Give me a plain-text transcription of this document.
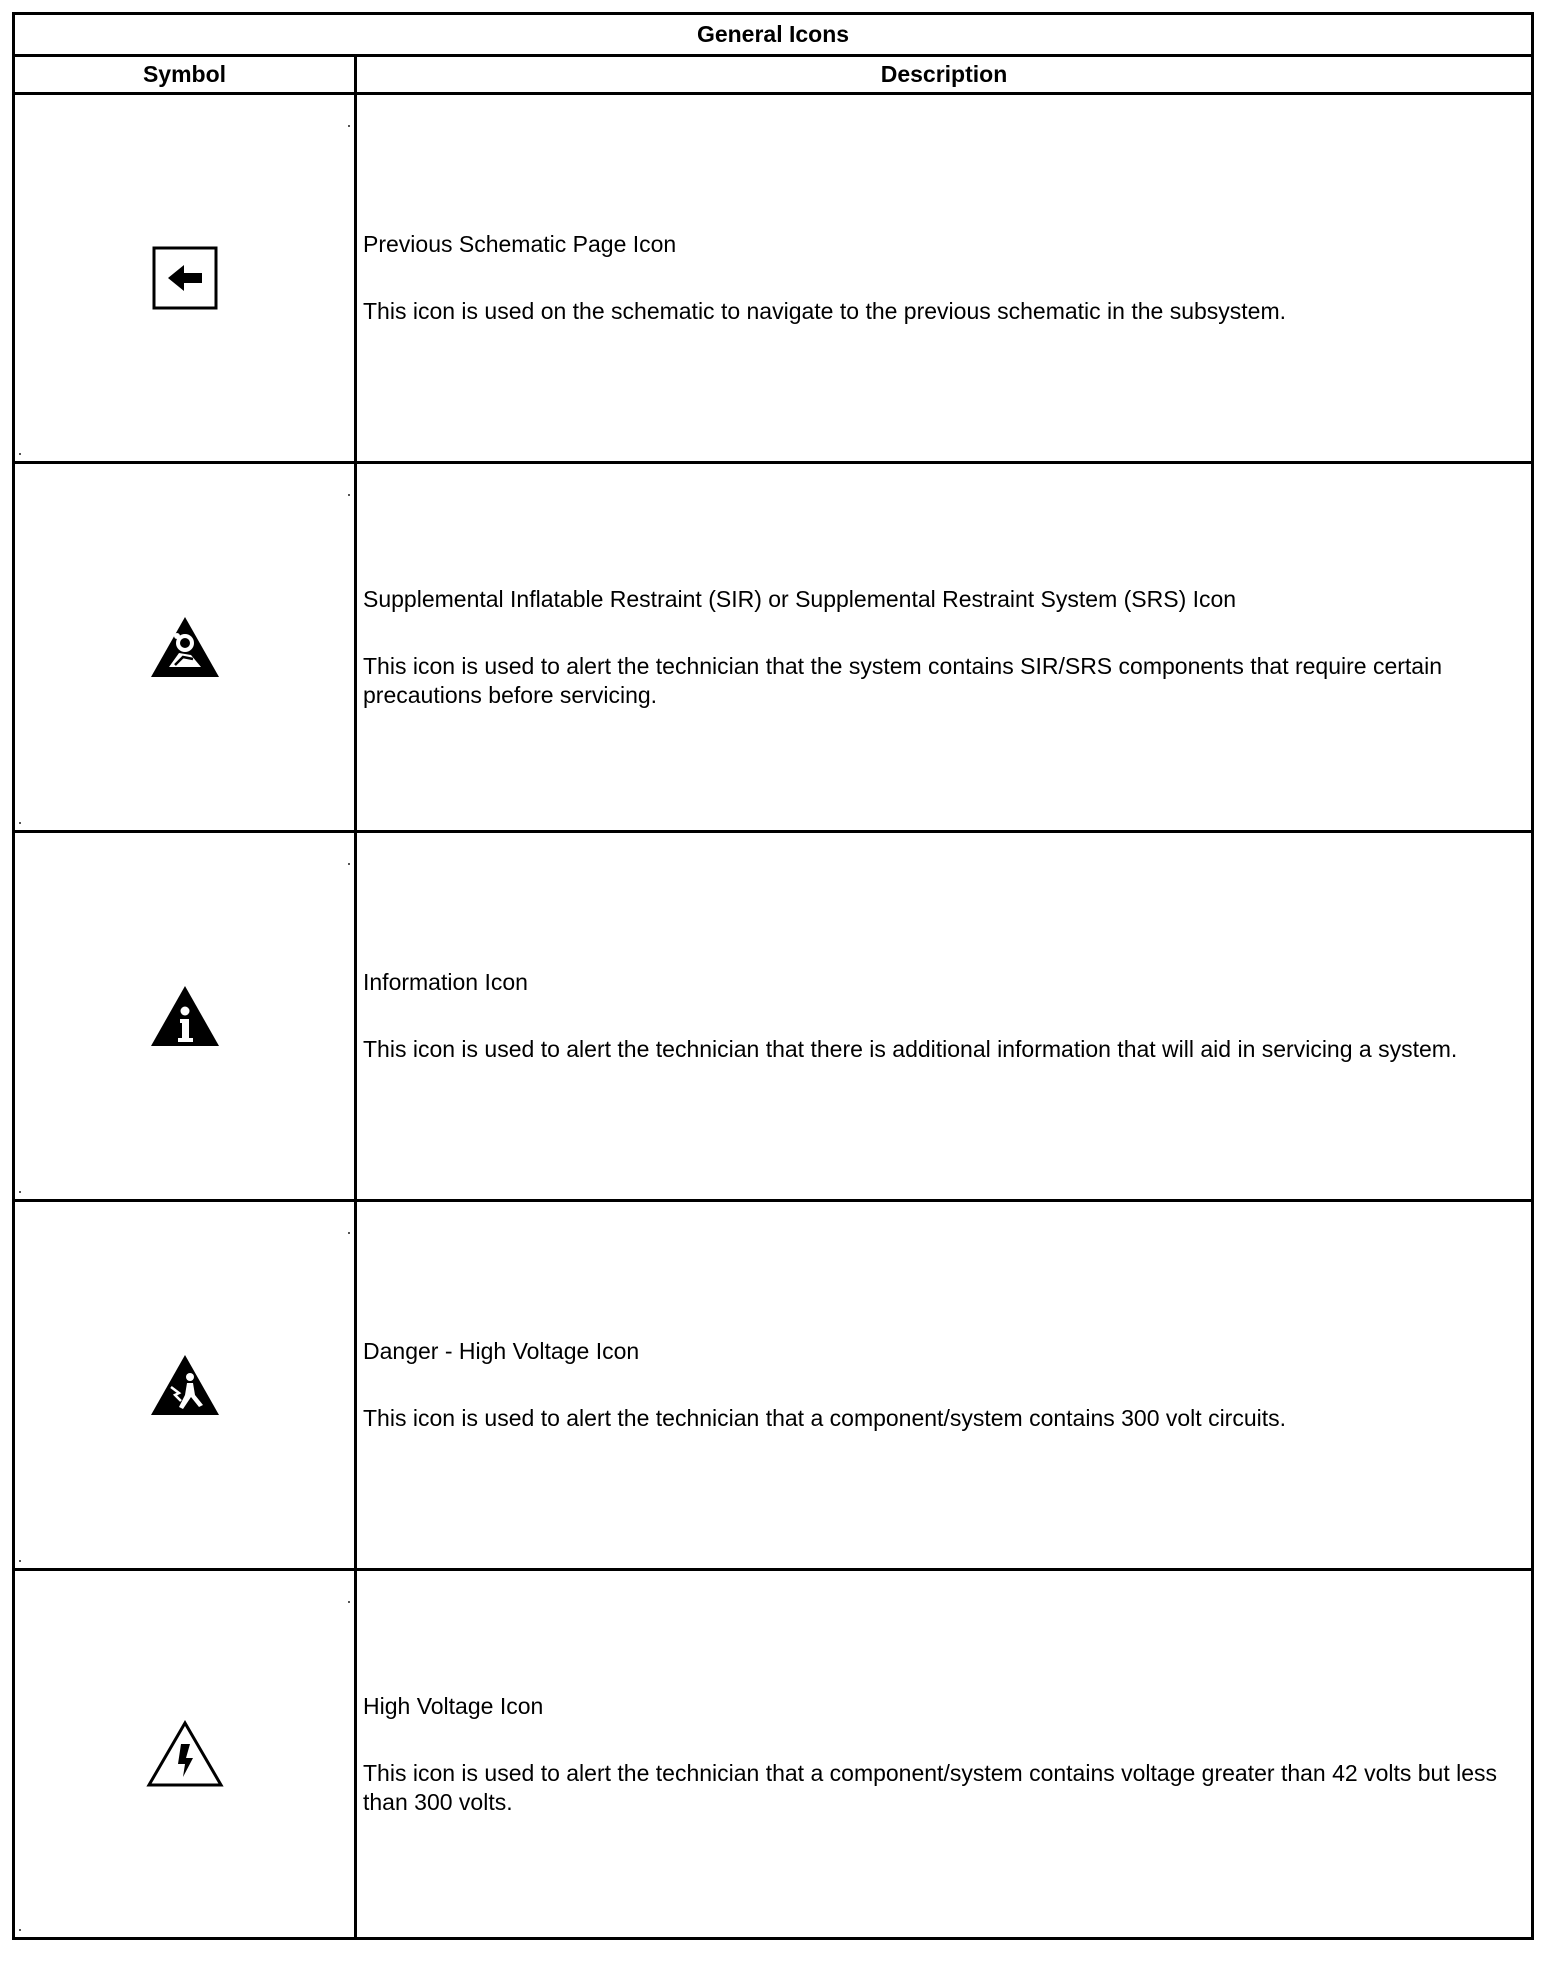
General Icons	
Symbol	Description

Previous Schematic Page Icon

This icon is used on the schematic to navigate to the previous schematic in the subsystem.

Supplemental Inflatable Restraint (SIR) or Supplemental Restraint System (SRS) Icon

This icon is used to alert the technician that the system contains SIR/SRS components that require certain precautions before servicing.

Information Icon

This icon is used to alert the technician that there is additional information that will aid in servicing a system.

Danger - High Voltage Icon

This icon is used to alert the technician that a component/system contains 300 volt circuits.

High Voltage Icon

This icon is used to alert the technician that a component/system contains voltage greater than 42 volts but less than 300 volts.
